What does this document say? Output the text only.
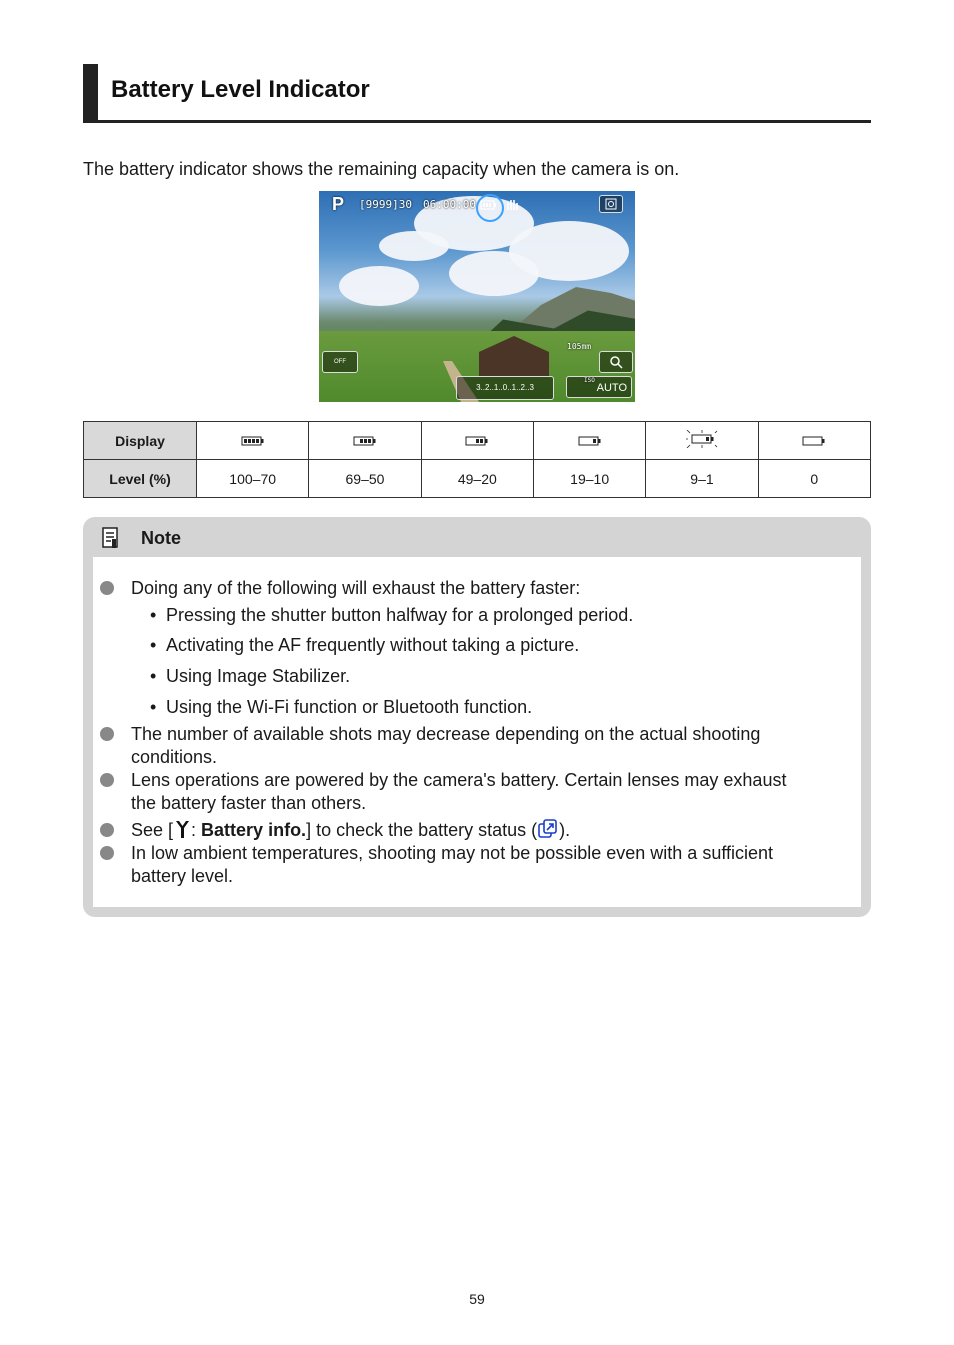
Battery Level Indicator

The battery indicator shows the remaining capacity when the camera is on.

P [9999]30 06:00:00
OFF
105mm
3..2..1..0..1..2..3	AUTO
ISO
Display						
Level (%)	100–70	69–50	49–20	19–10	9–1	0
Note
Doing any of the following will exhaust the battery faster:
• Pressing the shutter button halfway for a prolonged period.
• Activating the AF frequently without taking a picture.
• Using Image Stabilizer.
• Using the Wi-Fi function or Bluetooth function.
The number of available shots may decrease depending on the actual shooting
conditions.
Lens operations are powered by the camera's battery. Certain lenses may exhaust
the battery faster than others.
See [ : Battery info.] to check the battery status ( ).
In low ambient temperatures, shooting may not be possible even with a sufficient
battery level.
59
